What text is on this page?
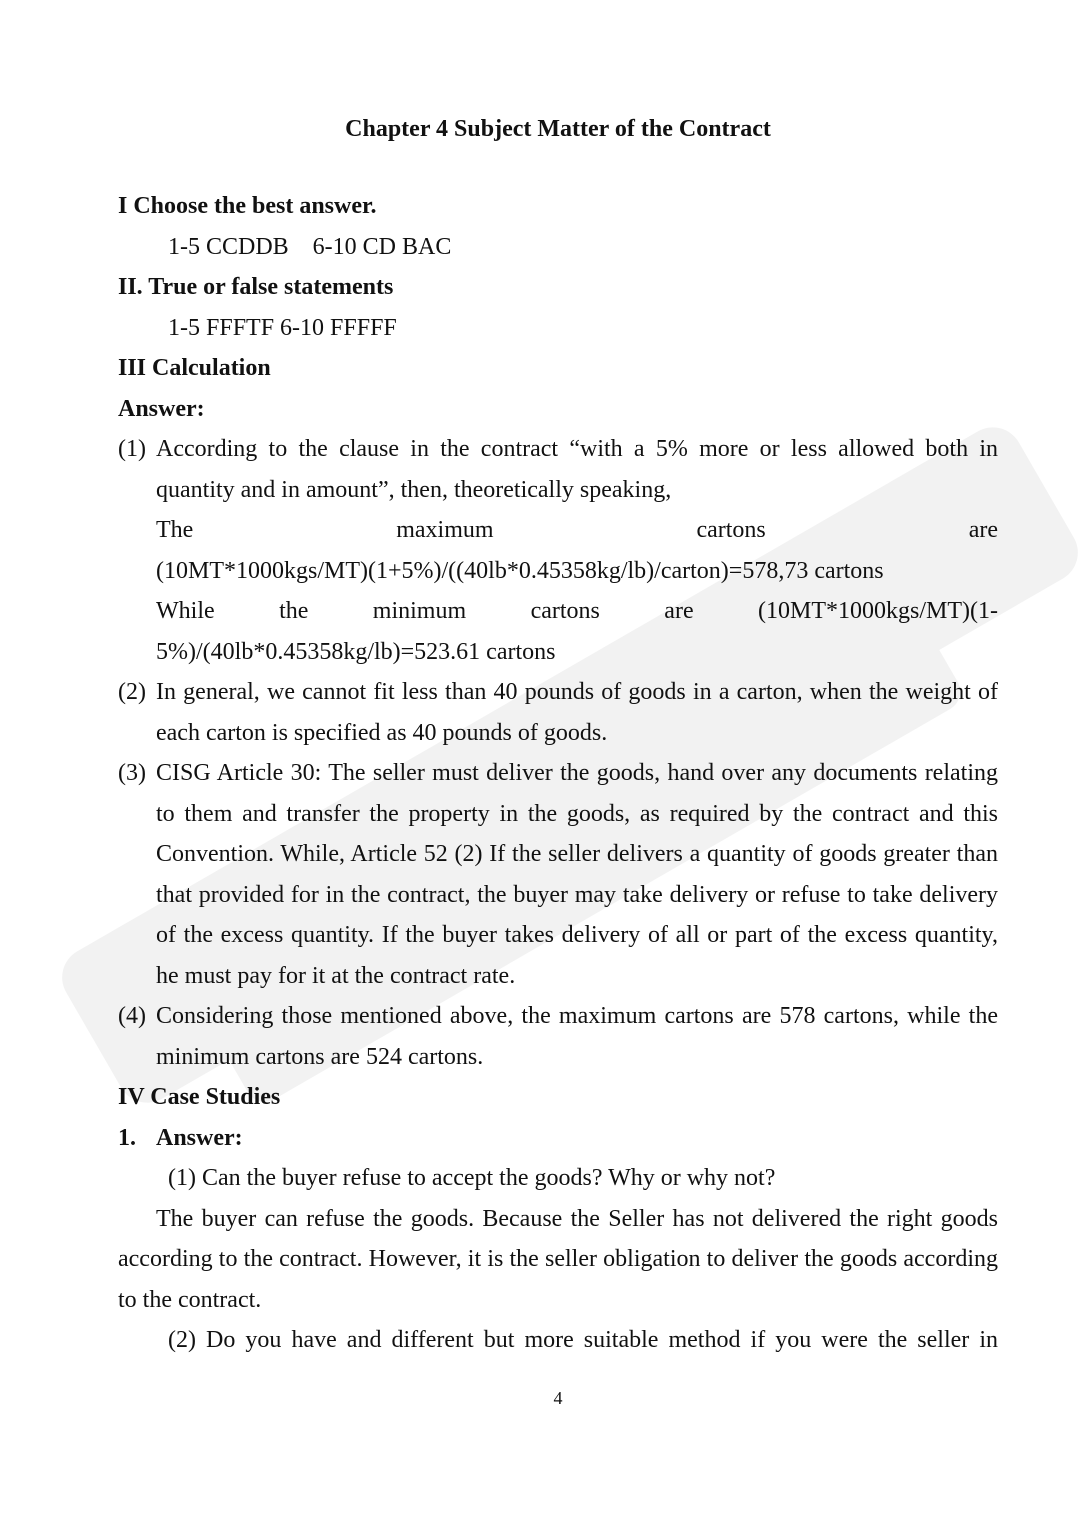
Chapter 4 Subject Matter of the Contract
I Choose the best answer.
1-5 CCDDB    6-10 CD BAC
II. True or false statements
1-5 FFFTF 6-10 FFFFF
III Calculation
Answer:
(1) According to the clause in the contract “with a 5% more or less allowed both in quantity and in amount”, then, theoretically speaking,
The maximum cartons are
(10MT*1000kgs/MT)(1+5%)/((40lb*0.45358kg/lb)/carton)=578,73 cartons
While the minimum cartons are (10MT*1000kgs/MT)(1-
5%)/(40lb*0.45358kg/lb)=523.61 cartons
(2) In general, we cannot fit less than 40 pounds of goods in a carton, when the weight of each carton is specified as 40 pounds of goods.
(3) CISG Article 30: The seller must deliver the goods, hand over any documents relating to them and transfer the property in the goods, as required by the contract and this Convention. While, Article 52 (2) If the seller delivers a quantity of goods greater than that provided for in the contract, the buyer may take delivery or refuse to take delivery of the excess quantity. If the buyer takes delivery of all or part of the excess quantity, he must pay for it at the contract rate.
(4) Considering those mentioned above, the maximum cartons are 578 cartons, while the minimum cartons are 524 cartons.
IV Case Studies
1. Answer:
(1) Can the buyer refuse to accept the goods? Why or why not?
The buyer can refuse the goods. Because the Seller has not delivered the right goods according to the contract. However, it is the seller obligation to deliver the goods according to the contract.
(2) Do you have and different but more suitable method if you were the seller in
4
